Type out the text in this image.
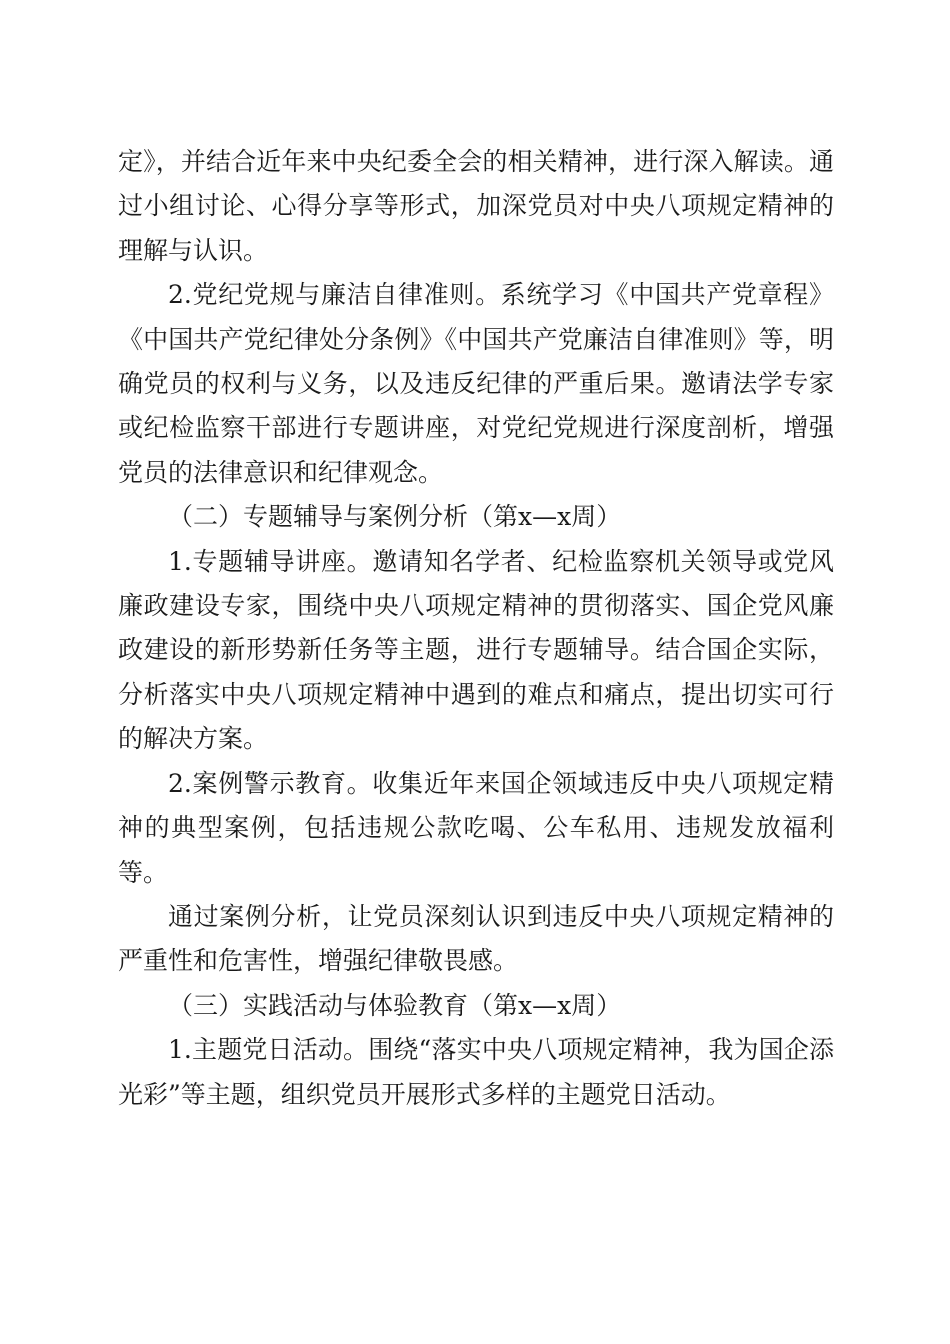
定》，并结合近年来中央纪委全会的相关精神，进行深入解读。通过小组讨论、心得分享等形式，加深党员对中央八项规定精神的理解与认识。

2.党纪党规与廉洁自律准则。系统学习《中国共产党章程》《中国共产党纪律处分条例》《中国共产党廉洁自律准则》等，明确党员的权利与义务，以及违反纪律的严重后果。邀请法学专家或纪检监察干部进行专题讲座，对党纪党规进行深度剖析，增强党员的法律意识和纪律观念。

（二）专题辅导与案例分析（第x—x周）

1.专题辅导讲座。邀请知名学者、纪检监察机关领导或党风廉政建设专家，围绕中央八项规定精神的贯彻落实、国企党风廉政建设的新形势新任务等主题，进行专题辅导。结合国企实际，分析落实中央八项规定精神中遇到的难点和痛点，提出切实可行的解决方案。

2.案例警示教育。收集近年来国企领域违反中央八项规定精神的典型案例，包括违规公款吃喝、公车私用、违规发放福利等。

通过案例分析，让党员深刻认识到违反中央八项规定精神的严重性和危害性，增强纪律敬畏感。

（三）实践活动与体验教育（第x—x周）

1.主题党日活动。围绕“落实中央八项规定精神，我为国企添光彩”等主题，组织党员开展形式多样的主题党日活动。
